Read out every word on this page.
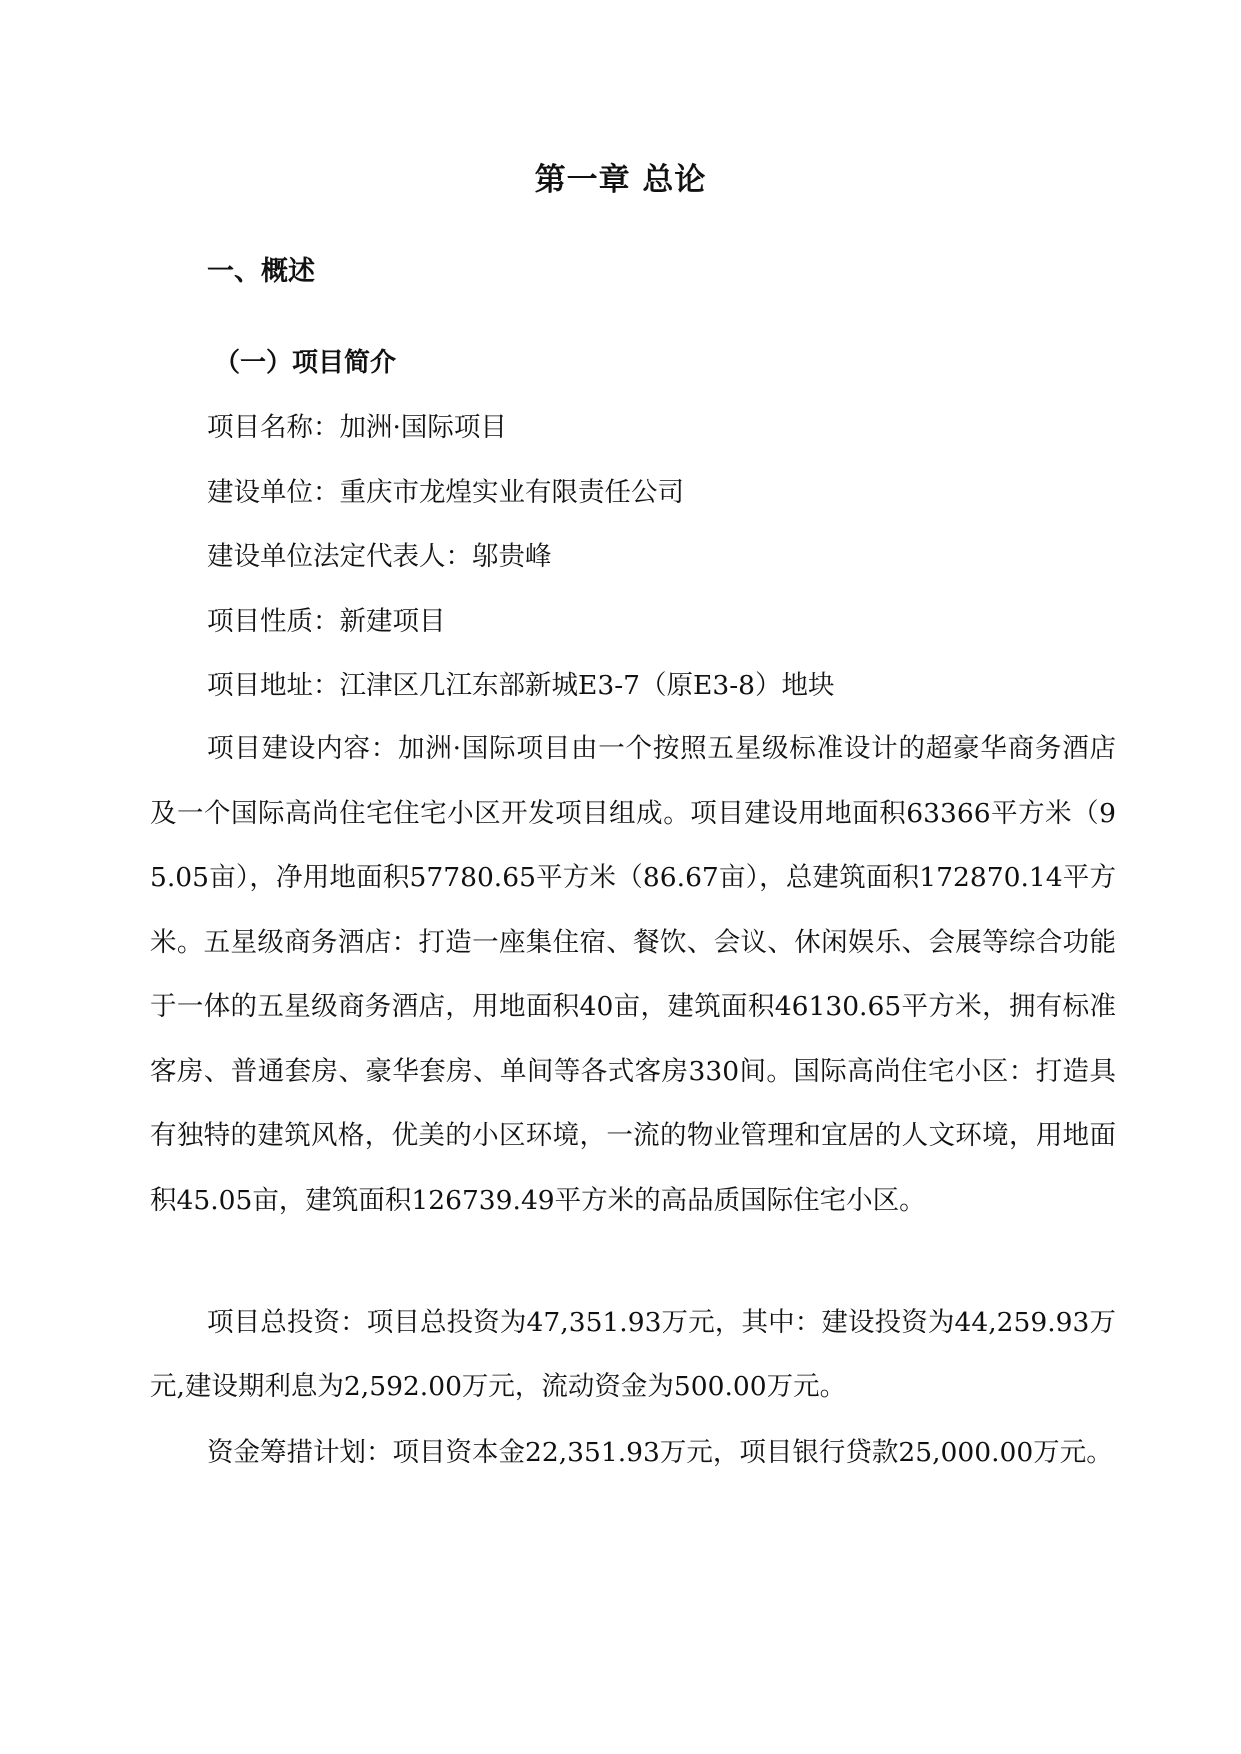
第一章 总论
一、概述
（一）项目简介

项目名称：加洲·国际项目

建设单位：重庆市龙煌实业有限责任公司

建设单位法定代表人：邬贵峰

项目性质：新建项目

项目地址：江津区几江东部新城E3-7（原E3-8）地块

项目建设内容：加洲·国际项目由一个按照五星级标准设计的超豪华商务酒店及一个国际高尚住宅住宅小区开发项目组成。项目建设用地面积63366平方米（95.05亩），净用地面积57780.65平方米（86.67亩），总建筑面积172870.14平方米。五星级商务酒店：打造一座集住宿、餐饮、会议、休闲娱乐、会展等综合功能于一体的五星级商务酒店，用地面积40亩，建筑面积46130.65平方米，拥有标准客房、普通套房、豪华套房、单间等各式客房330间。国际高尚住宅小区：打造具有独特的建筑风格，优美的小区环境，一流的物业管理和宜居的人文环境，用地面积45.05亩，建筑面积126739.49平方米的高品质国际住宅小区。

项目总投资：项目总投资为47,351.93万元，其中：建设投资为44,259.93万元,建设期利息为2,592.00万元，流动资金为500.00万元。

资金筹措计划：项目资本金22,351.93万元，项目银行贷款25,000.00万元。
